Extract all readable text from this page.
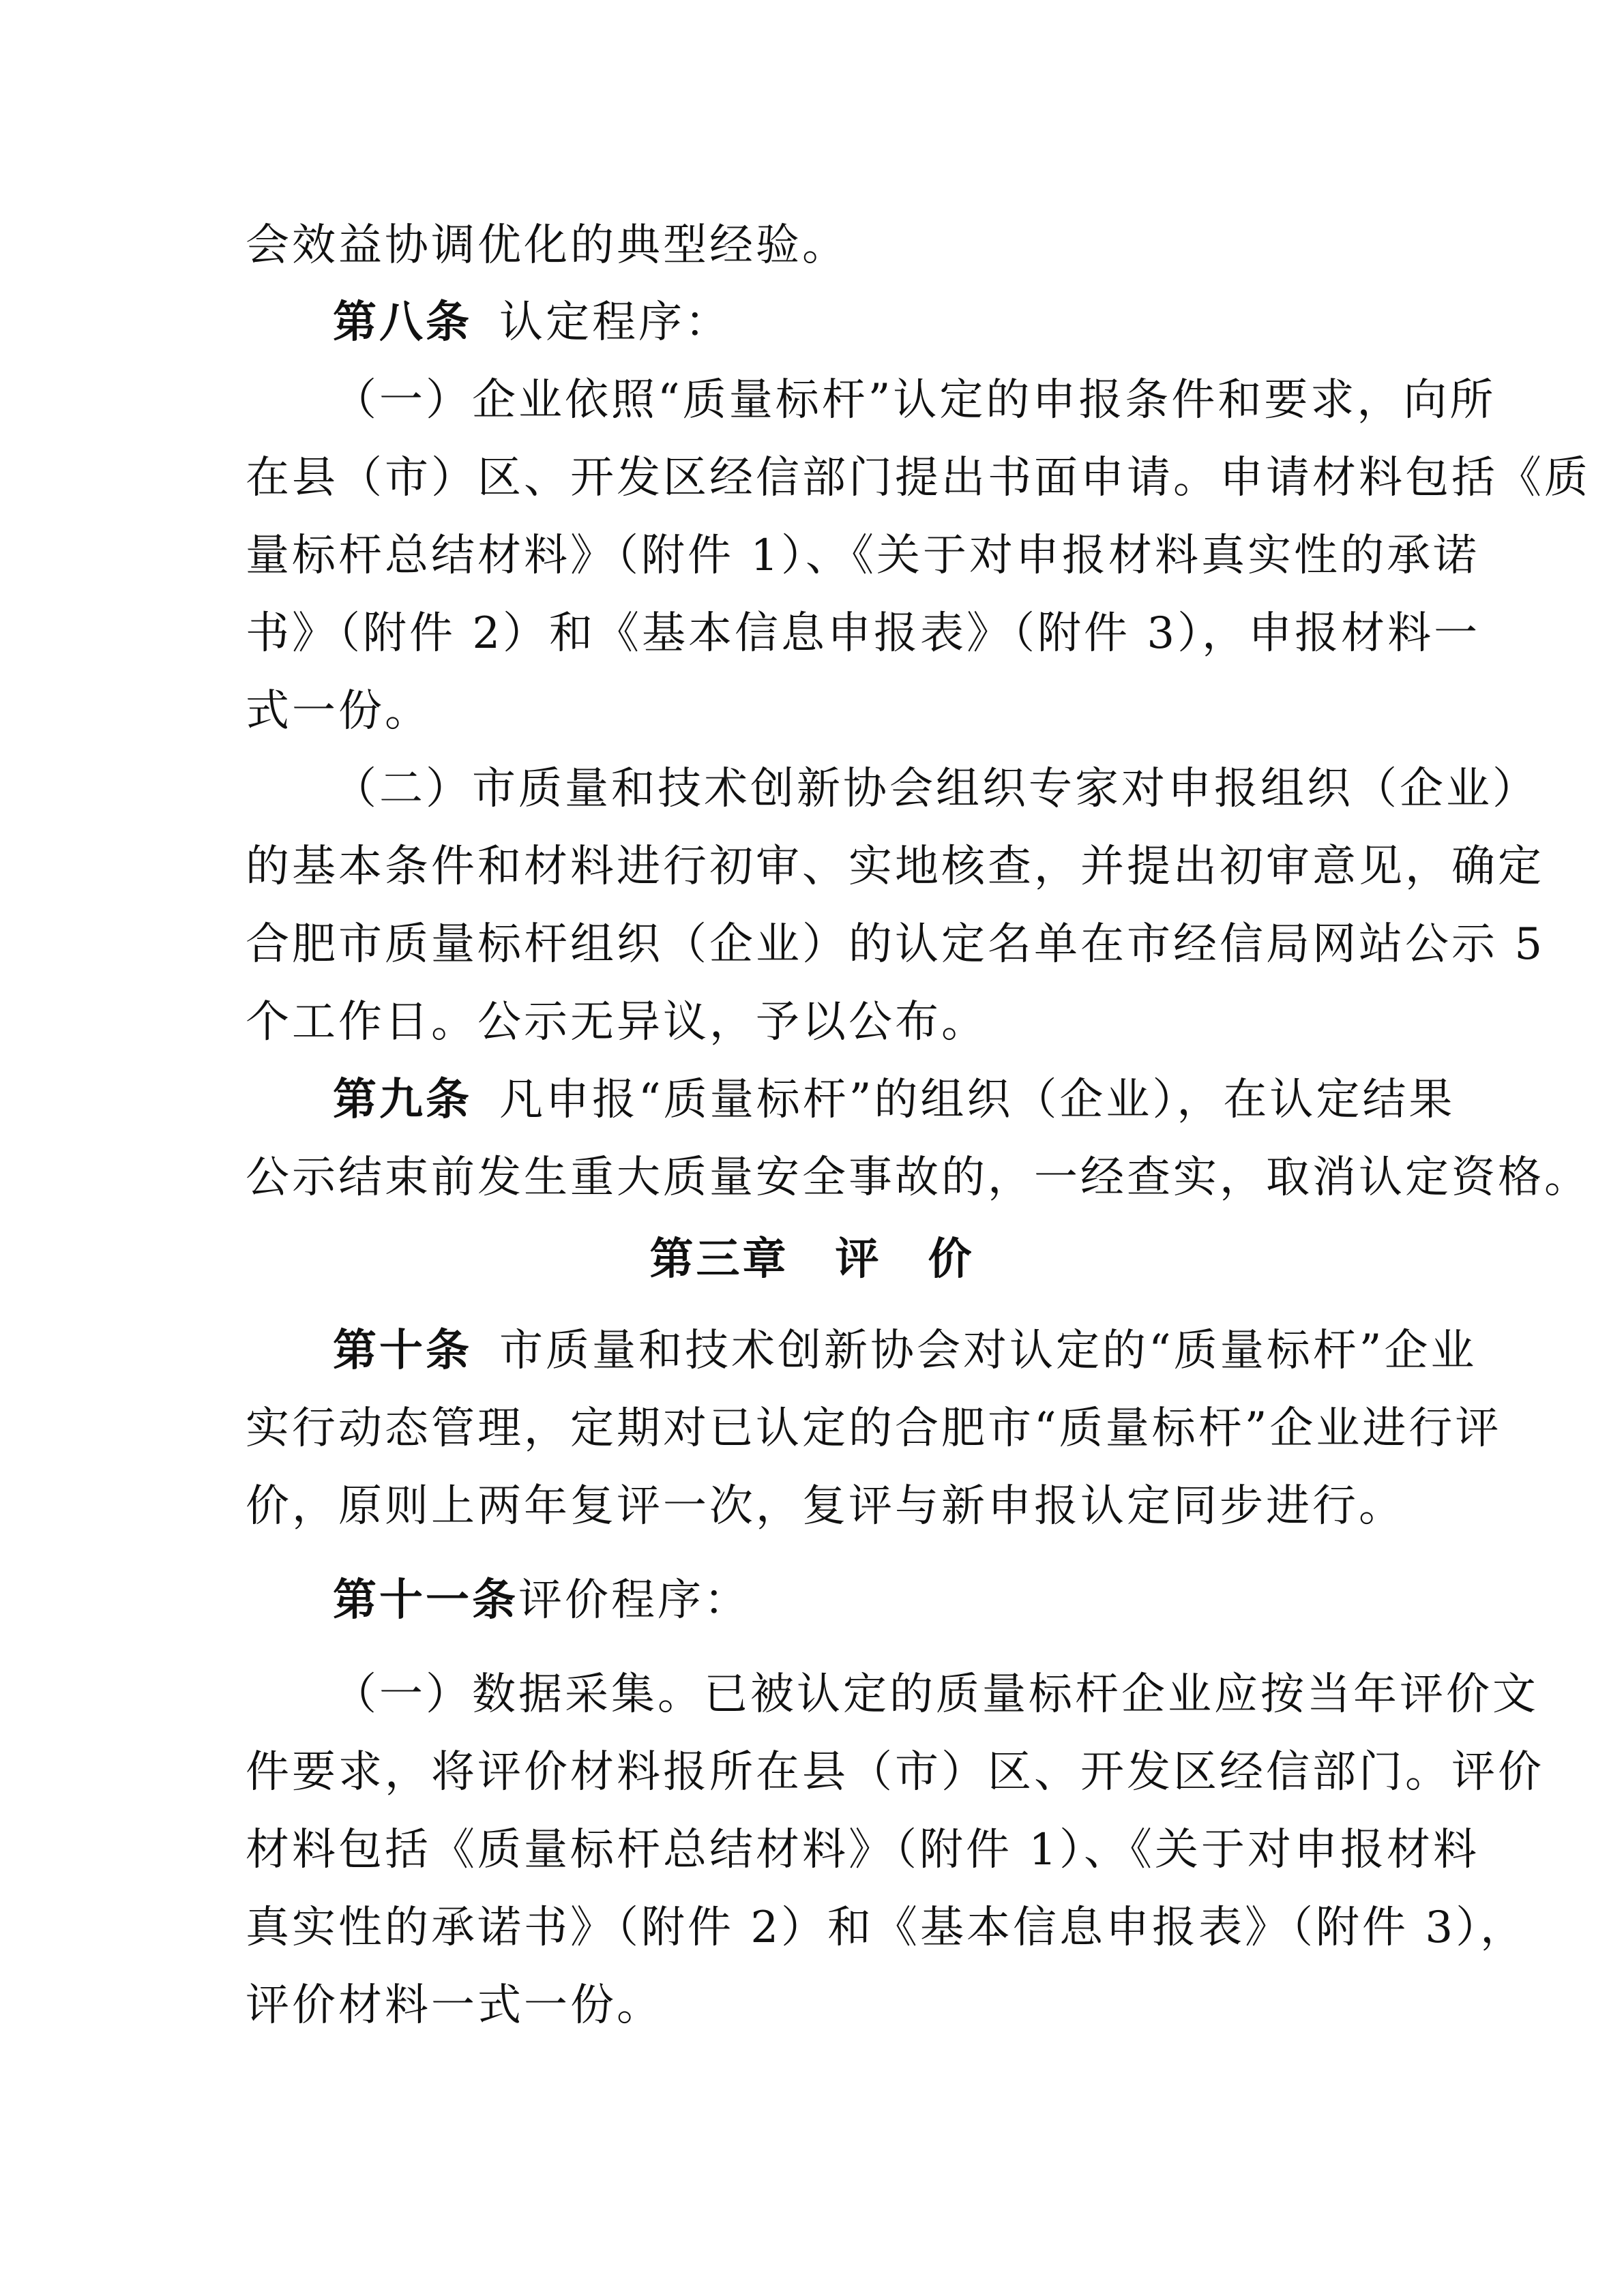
会效益协调优化的典型经验。
第八条 认定程序：
（一）企业依照“质量标杆”认定的申报条件和要求，向所
在县（市）区、开发区经信部门提出书面申请。申请材料包括《质
量标杆总结材料》（附件 1）、《关于对申报材料真实性的承诺
书》（附件 2）和《基本信息申报表》（附件 3），申报材料一
式一份。
（二）市质量和技术创新协会组织专家对申报组织（企业）
的基本条件和材料进行初审、实地核查，并提出初审意见，确定
合肥市质量标杆组织（企业）的认定名单在市经信局网站公示 5
个工作日。公示无异议，予以公布。
第九条 凡申报“质量标杆”的组织（企业），在认定结果
公示结束前发生重大质量安全事故的，一经查实，取消认定资格。
第三章　评　价
第十条 市质量和技术创新协会对认定的“质量标杆”企业
实行动态管理，定期对已认定的合肥市“质量标杆”企业进行评
价，原则上两年复评一次，复评与新申报认定同步进行。
第十一条评价程序：
（一）数据采集。已被认定的质量标杆企业应按当年评价文
件要求，将评价材料报所在县（市）区、开发区经信部门。评价
材料包括《质量标杆总结材料》（附件 1）、《关于对申报材料
真实性的承诺书》（附件 2）和《基本信息申报表》（附件 3），
评价材料一式一份。
